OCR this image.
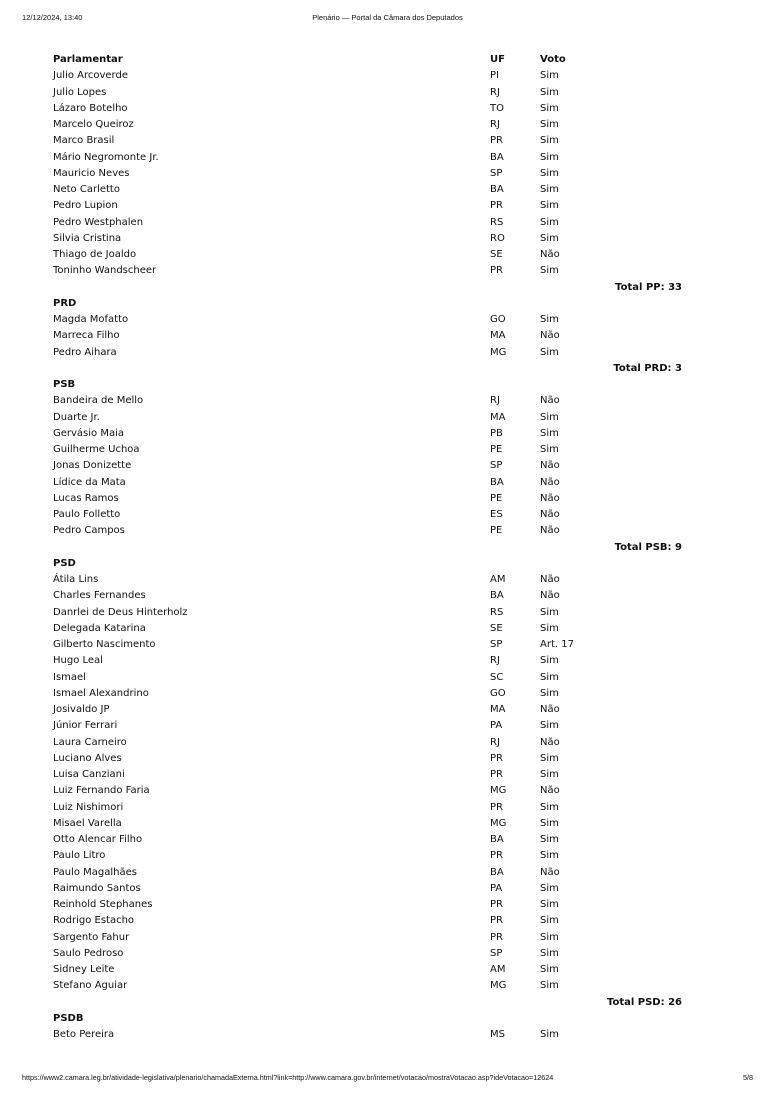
12/12/2024, 13:40	Plenário — Portal da Câmara dos Deputados
Parlamentar	UF	Voto
Julio Arcoverde	PI	Sim
Julio Lopes	RJ	Sim
Lázaro Botelho	TO	Sim
Marcelo Queiroz	RJ	Sim
Marco Brasil	PR	Sim
Mário Negromonte Jr.	BA	Sim
Mauricio Neves	SP	Sim
Neto Carletto	BA	Sim
Pedro Lupion	PR	Sim
Pedro Westphalen	RS	Sim
Silvia Cristina	RO	Sim
Thiago de Joaldo	SE	Não
Toninho Wandscheer	PR	Sim
Total PP: 33
PRD
Magda Mofatto	GO	Sim
Marreca Filho	MA	Não
Pedro Aihara	MG	Sim
Total PRD: 3
PSB
Bandeira de Mello	RJ	Não
Duarte Jr.	MA	Sim
Gervásio Maia	PB	Sim
Guilherme Uchoa	PE	Sim
Jonas Donizette	SP	Não
Lídice da Mata	BA	Não
Lucas Ramos	PE	Não
Paulo Folletto	ES	Não
Pedro Campos	PE	Não
Total PSB: 9
PSD
Átila Lins	AM	Não
Charles Fernandes	BA	Não
Danrlei de Deus Hinterholz	RS	Sim
Delegada Katarina	SE	Sim
Gilberto Nascimento	SP	Art. 17
Hugo Leal	RJ	Sim
Ismael	SC	Sim
Ismael Alexandrino	GO	Sim
Josivaldo JP	MA	Não
Júnior Ferrari	PA	Sim
Laura Carneiro	RJ	Não
Luciano Alves	PR	Sim
Luisa Canziani	PR	Sim
Luiz Fernando Faria	MG	Não
Luiz Nishimori	PR	Sim
Misael Varella	MG	Sim
Otto Alencar Filho	BA	Sim
Paulo Litro	PR	Sim
Paulo Magalhães	BA	Não
Raimundo Santos	PA	Sim
Reinhold Stephanes	PR	Sim
Rodrigo Estacho	PR	Sim
Sargento Fahur	PR	Sim
Saulo Pedroso	SP	Sim
Sidney Leite	AM	Sim
Stefano Aguiar	MG	Sim
Total PSD: 26
PSDB
Beto Pereira	MS	Sim
https://www2.camara.leg.br/atividade-legislativa/plenario/chamadaExterna.html?link=http://www.camara.gov.br/internet/votacao/mostraVotacao.asp?ideVotacao=12624	5/8
